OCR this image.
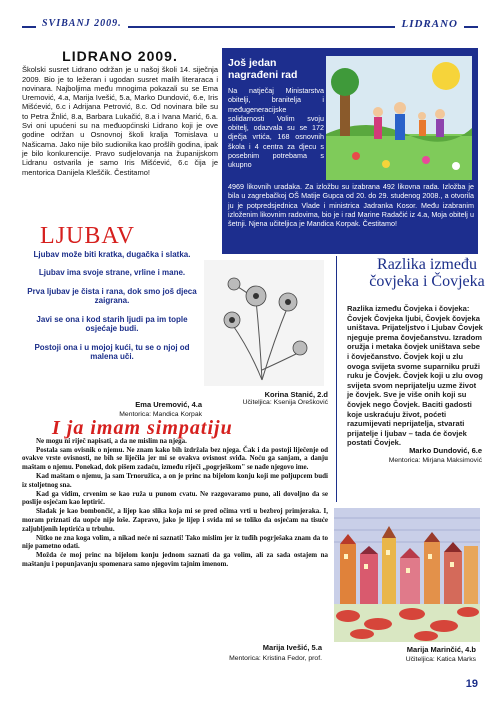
SVIBANJ 2009.	LIDRANO
LIDRANO 2009.
Školski susret Lidrano održan je u našoj školi 14. siječnja 2009. Bio je to ležeran i ugodan susret malih literaraca i novinara. Najboljima među mnogima pokazali su se Ema Uremović, 4.a, Marija Ivešić, 5.a, Marko Dundović, 6.e, Iris Mišćević, 6.c i Adrijana Petrović, 8.c. Od novinara bile su to Petra Žnlić, 8.a, Barbara Lukačić, 8.a i Ivana Marić, 6.a. Svi oni upućeni su na međuopćinski Lidrano koji je ove godine održan u Osnovnoj školi kralja Tomislava u Našicama. Jako nije bilo sudionika kao prošlih godina, ipak je bilo konkurencije. Pravo sudjelovanja na županijskom Lidranu ostvarila je samo Iris Mišćević, 6.c čija je mentorica Danijela Kleščik. Čestitamo!
Još jedan nagrađeni rad
Na natječaj Ministarstva obitelji, branitelja i međugeneracijske solidarnosti Volim svoju obitelj, odazvala su se 172 dječja vrtića, 168 osnovnih škola i 4 centra za djecu s posebnim potrebama s ukupno
4969 likovnih uradaka. Za izložbu su izabrana 492 likovna rada. Izložba je bila u zagrebačkoj OŠ Matije Gupca od 20. do 29. studenog 2008., a otvorila ju je potpredsjednica Vlade i ministrica Jadranka Kosor. Među izabranim izloženim likovnim radovima, bio je i rad Marine Radačić iz 4.a, Moja obitelj u šetnji. Njena učiteljica je Mandica Korpak. Čestitamo!
LJUBAV
Ljubav može biti kratka, dugačka i slatka.
Ljubav ima svoje strane, vrline i mane.
Prva ljubav je čista i rana, dok smo još djeca zaigrana.
Javi se ona i kod starih ljudi pa im tople osjećaje budi.
Postoji ona i u mojoj kući, tu se o njoj od malena uči.
Ema Uremović, 4.a
Mentorica: Mandica Korpak
Korina Stanić, 2.d
Učiteljica: Ksenija Orešković
Razlika između čovjeka i Čovjeka
Razlika između Čovjeka i čovjeka: Čovjek Čovjeka ljubi, Čovjek čovjeka uništava. Prijateljstvo i Ljubav Čovjek njeguje prema čovječanstvu. Izradom oružja i metaka čovjek uništava sebe i čovječanstvo. Čovjek koji u zlu ovoga svijeta svome suparniku pruži ruku je Čovjek. Čovjek koji u zlu ovog svijeta svom neprijatelju uzme život je čovjek. Sve je više onih koji su čovjek nego Čovjek. Baciti gadosti koje uskraćuju život, poćeti razumijevati neprijatelja, stvarati prijatelje i ljubav – tada će čovjek postati Čovjek.
Marko Dundović, 6.e
Mentorica: Mirjana Maksimović
I ja imam simpatiju

Ne mogu ni riječ napisati, a da ne mislim na njega.

Postala sam ovisnik o njemu. Ne znam kako bih izdržala bez njega. Čak i da postoji liječenje od ovakve vrste ovisnosti, ne bih se liječila jer mi se ovakva ovisnost sviđa. Noću ga sanjam, a danju maštam o njemu. Ponekad, dok pišem zadaću, između riječi „pogrješkom" se nađe njegovo ime.

Kad maštam o njemu, ja sam Trnoružica, a on je princ na bijelom konju koji me poljupcem budi iz stoljetnog sna.

Kad ga vidim, crvenim se kao ruža u punom cvatu. Ne razgovaramo puno, ali dovoljno da se poslije osjećam kao leptirić.

Sladak je kao bombončić, a lijep kao slika koja mi se pred očima vrti u bezbroj primjeraka. I, moram priznati da uopće nije loše. Zapravo, jako je lijep i svida mi se toliko da osjećam na tisuće zaljubljenih leptirića u trbuhu.

Nitko ne zna koga volim, a nikad neće ni saznati! Tako mislim jer iz tuđih pogrješaka znam da to nije pametno odati.

Možda će moj princ na bijelom konju jednom saznati da ga volim, ali za sada ostajem na maštanju i popunjavanju spomenara samo njegovim tajnim imenom.

Marija Ivešić, 5.a
Mentorica: Kristina Fedor, prof.
Marija Marinčić, 4.b
Učiteljica: Katica Marks
19
